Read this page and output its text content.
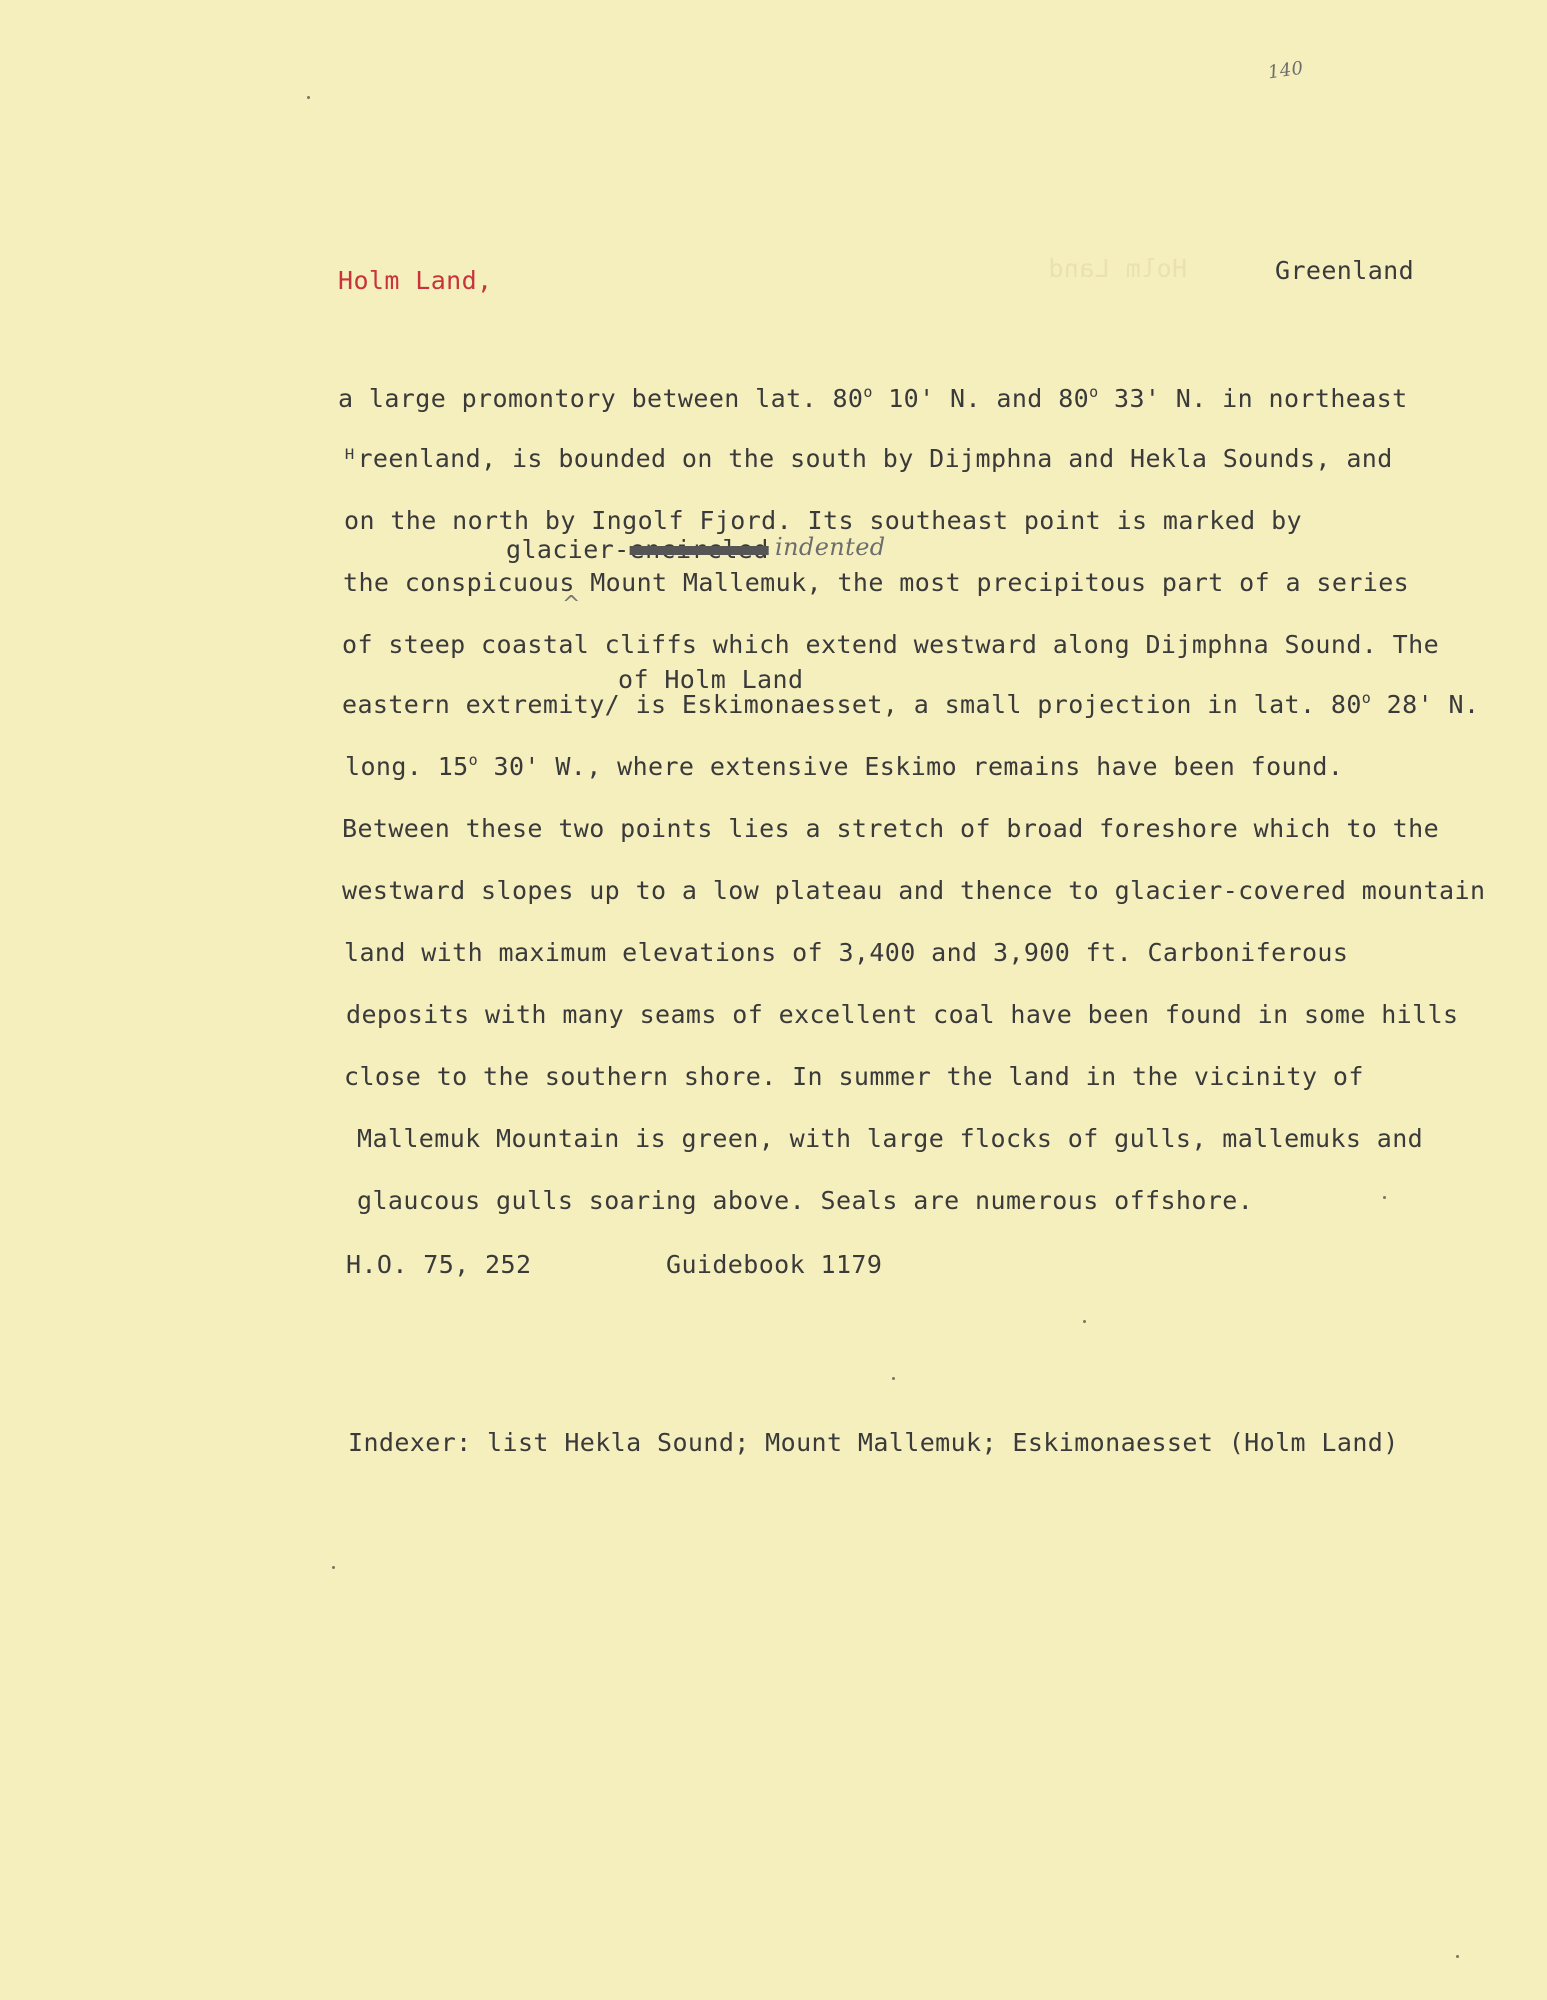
140
Holm Land,	Holm Land	Greenland
a large promontory between lat. 80$^o$ 10' N. and 80$^o$ 33' N. in northeast
ᴴreenland, is bounded on the south by Dijmphna and Hekla Sounds, and
on the north by Ingolf Fjord. Its southeast point is marked by
glacier-encircled indented
^
the conspicuous Mount Mallemuk, the most precipitous part of a series
of steep coastal cliffs which extend westward along Dijmphna Sound. The
of Holm Land
eastern extremity/ is Eskimonaesset, a small projection in lat. 80$^o$ 28' N.
long. 15$^o$ 30' W., where extensive Eskimo remains have been found.
Between these two points lies a stretch of broad foreshore which to the
westward slopes up to a low plateau and thence to glacier-covered mountain
land with maximum elevations of 3,400 and 3,900 ft. Carboniferous
deposits with many seams of excellent coal have been found in some hills
close to the southern shore. In summer the land in the vicinity of
Mallemuk Mountain is green, with large flocks of gulls, mallemuks and
glaucous gulls soaring above. Seals are numerous offshore.
H.O. 75, 252	Guidebook 1179
Indexer: list Hekla Sound; Mount Mallemuk; Eskimonaesset (Holm Land)
